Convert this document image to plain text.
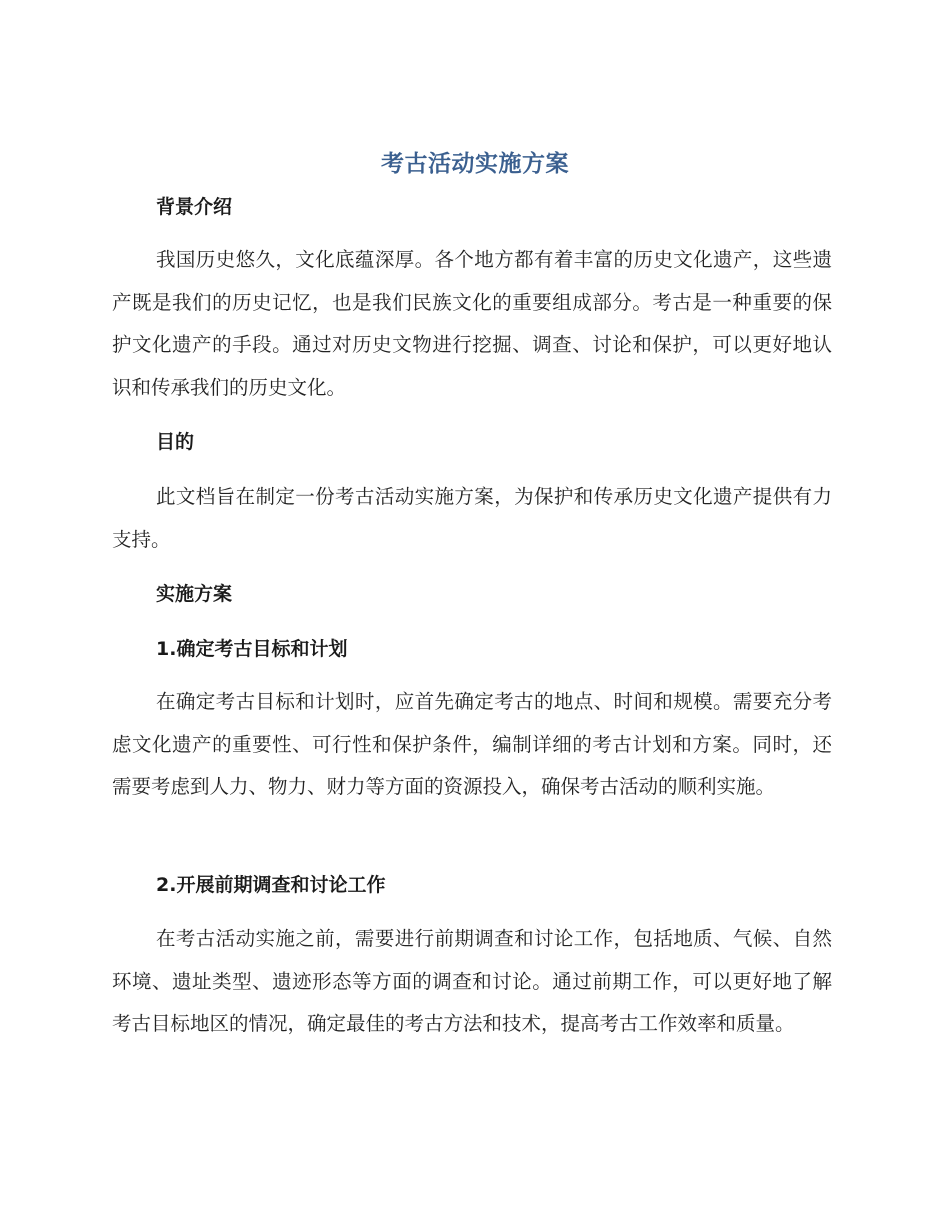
考古活动实施方案
背景介绍
我国历史悠久，文化底蕴深厚。各个地方都有着丰富的历史文化遗产，这些遗产既是我们的历史记忆，也是我们民族文化的重要组成部分。考古是一种重要的保护文化遗产的手段。通过对历史文物进行挖掘、调查、讨论和保护，可以更好地认识和传承我们的历史文化。
目的
此文档旨在制定一份考古活动实施方案，为保护和传承历史文化遗产提供有力支持。
实施方案
1.确定考古目标和计划
在确定考古目标和计划时，应首先确定考古的地点、时间和规模。需要充分考虑文化遗产的重要性、可行性和保护条件，编制详细的考古计划和方案。同时，还需要考虑到人力、物力、财力等方面的资源投入，确保考古活动的顺利实施。
2.开展前期调查和讨论工作
在考古活动实施之前，需要进行前期调查和讨论工作，包括地质、气候、自然环境、遗址类型、遗迹形态等方面的调查和讨论。通过前期工作，可以更好地了解考古目标地区的情况，确定最佳的考古方法和技术，提高考古工作效率和质量。
